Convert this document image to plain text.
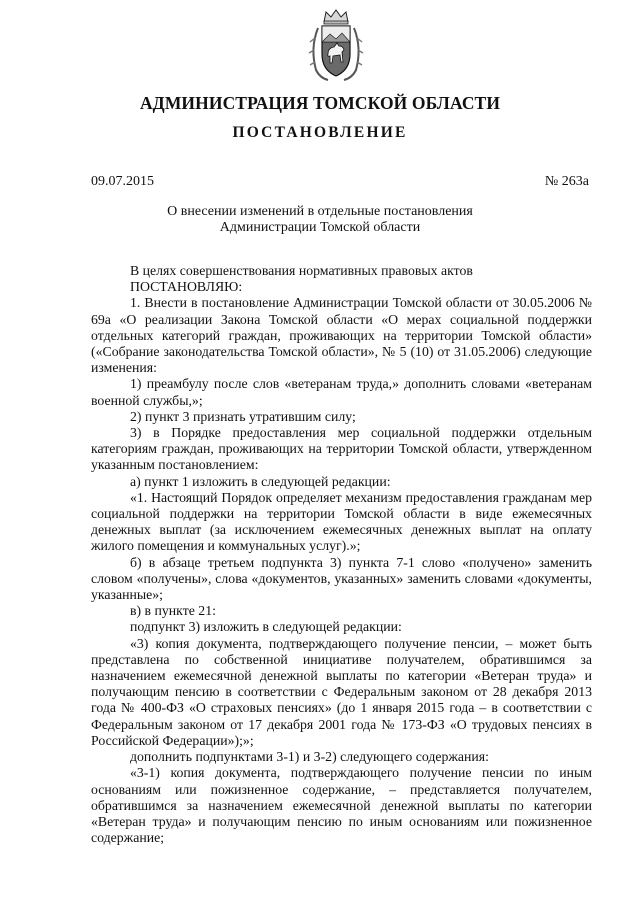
АДМИНИСТРАЦИЯ ТОМСКОЙ ОБЛАСТИ
ПОСТАНОВЛЕНИЕ
09.07.2015	№ 263а
О внесении изменений в отдельные постановления
Администрации Томской области

В целях совершенствования нормативных правовых актов

ПОСТАНОВЛЯЮ:

1. Внести в постановление Администрации Томской области от 30.05.2006 № 69а «О реализации Закона Томской области «О мерах социальной поддержки отдельных категорий граждан, проживающих на территории Томской области» («Собрание законодательства Томской области», № 5 (10) от 31.05.2006) следующие изменения:

1) преамбулу после слов «ветеранам труда,» дополнить словами «ветеранам военной службы,»;

2) пункт 3 признать утратившим силу;

3) в Порядке предоставления мер социальной поддержки отдельным категориям граждан, проживающих на территории Томской области, утвержденном указанным постановлением:

а) пункт 1 изложить в следующей редакции:

«1. Настоящий Порядок определяет механизм предоставления гражданам мер социальной поддержки на территории Томской области в виде ежемесячных денежных выплат (за исключением ежемесячных денежных выплат на оплату жилого помещения и коммунальных услуг).»;

б) в абзаце третьем подпункта 3) пункта 7-1 слово «получено» заменить словом «получены», слова «документов, указанных» заменить словами «документы, указанные»;

в) в пункте 21:

подпункт 3) изложить в следующей редакции:

«3) копия документа, подтверждающего получение пенсии, – может быть представлена по собственной инициативе получателем, обратившимся за назначением ежемесячной денежной выплаты по категории «Ветеран труда» и получающим пенсию в соответствии с Федеральным законом от 28 декабря 2013 года № 400-ФЗ «О страховых пенсиях» (до 1 января 2015 года – в соответствии с Федеральным законом от 17 декабря 2001 года № 173-ФЗ «О трудовых пенсиях в Российской Федерации»);»;

дополнить подпунктами 3-1) и 3-2) следующего содержания:

«3-1) копия документа, подтверждающего получение пенсии по иным основаниям или пожизненное содержание, – представляется получателем, обратившимся за назначением ежемесячной денежной выплаты по категории «Ветеран труда» и получающим пенсию по иным основаниям или пожизненное содержание;
